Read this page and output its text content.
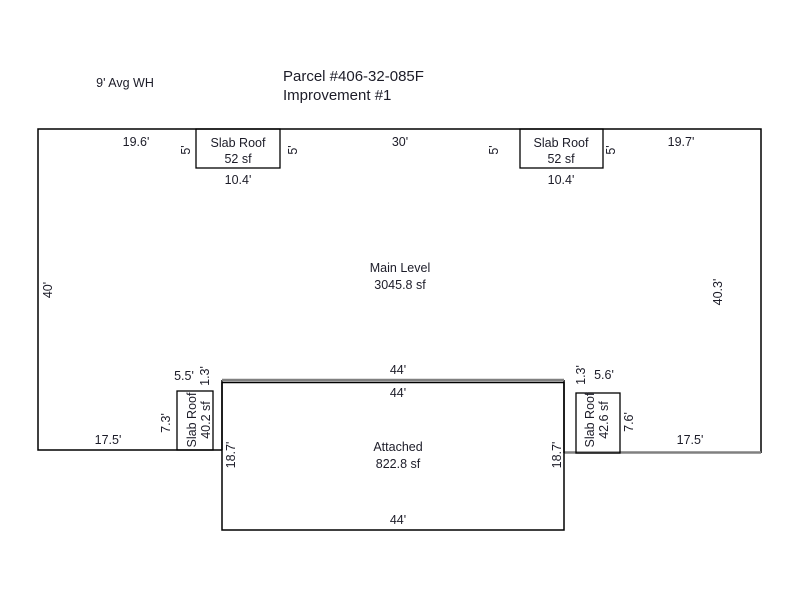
9' Avg WH	Parcel #406-32-085F
Improvement #1
19.6'	30'	19.7'
40'	40.3'
Main Level
3045.8 sf
17.5'	17.5'
5' Slab Roof
52 sf
5'
10.4'
5'	Slab Roof
52 sf
5'
10.4'
7.3'
5.5' 1.3'
Slab Roof 40.2 sf
1.3' 5.6'
Slab Roof 42.6 sf 7.6'
44'
44'
18.7'	18.7'
Attached
822.8 sf
44'
